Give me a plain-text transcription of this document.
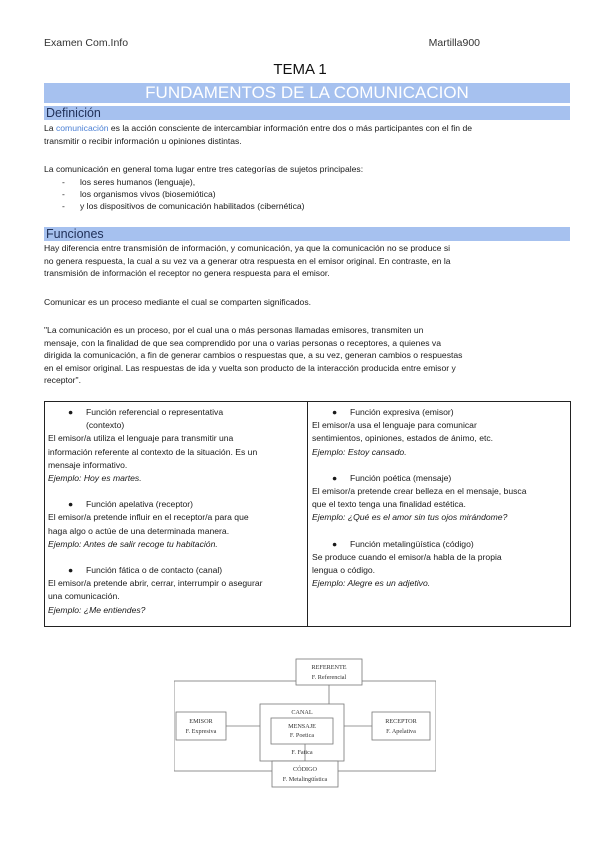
Examen Com.Info	Martilla900
TEMA 1
FUNDAMENTOS DE LA COMUNICACION
Definición
La comunicación es la acción consciente de intercambiar información entre dos o más participantes con el fin de
transmitir o recibir información u opiniones distintas.
La comunicación en general toma lugar entre tres categorías de sujetos principales:
- los seres humanos (lenguaje),
- los organismos vivos (biosemiótica)
- y los dispositivos de comunicación habilitados (cibernética)
Funciones
Hay diferencia entre transmisión de información, y comunicación, ya que la comunicación no se produce si
no genera respuesta, la cual a su vez va a generar otra respuesta en el emisor original. En contraste, en la
transmisión de información el receptor no genera respuesta para el emisor.
Comunicar es un proceso mediante el cual se comparten significados.
"La comunicación es un proceso, por el cual una o más personas llamadas emisores, transmiten un
mensaje, con la finalidad de que sea comprendido por una o varias personas o receptores, a quienes va
dirigida la comunicación, a fin de generar cambios o respuestas que, a su vez, generan cambios o respuestas
en el emisor original. Las respuestas de ida y vuelta son producto de la interacción producida entre emisor y
receptor".
●	Función referencial o representativa
(contexto)
El emisor/a utiliza el lenguaje para transmitir una
información referente al contexto de la situación. Es un
mensaje informativo.
Ejemplo: Hoy es martes.
●	Función apelativa (receptor)
El emisor/a pretende influir en el receptor/a para que
haga algo o actúe de una determinada manera.
Ejemplo: Antes de salir recoge tu habitación.
●	Función fática o de contacto (canal)
El emisor/a pretende abrir, cerrar, interrumpir o asegurar
una comunicación.
Ejemplo: ¿Me entiendes?
●	Función expresiva (emisor)
El emisor/a usa el lenguaje para comunicar
sentimientos, opiniones, estados de ánimo, etc.
Ejemplo: Estoy cansado.
●	Función poética (mensaje)
El emisor/a pretende crear belleza en el mensaje, busca
que el texto tenga una finalidad estética.
Ejemplo: ¿Qué es el amor sin tus ojos mirándome?
●	Función metalingüística (código)
Se produce cuando el emisor/a habla de la propia
lengua o código.
Ejemplo: Alegre es un adjetivo.
REFERENTE
F. Referencial
EMISOR
F. Expresiva
CANAL
MENSAJE
F. Poetica
F. Fatica
RECEPTOR
F. Apelativa
CÓDIGO
F. Metalingüística
